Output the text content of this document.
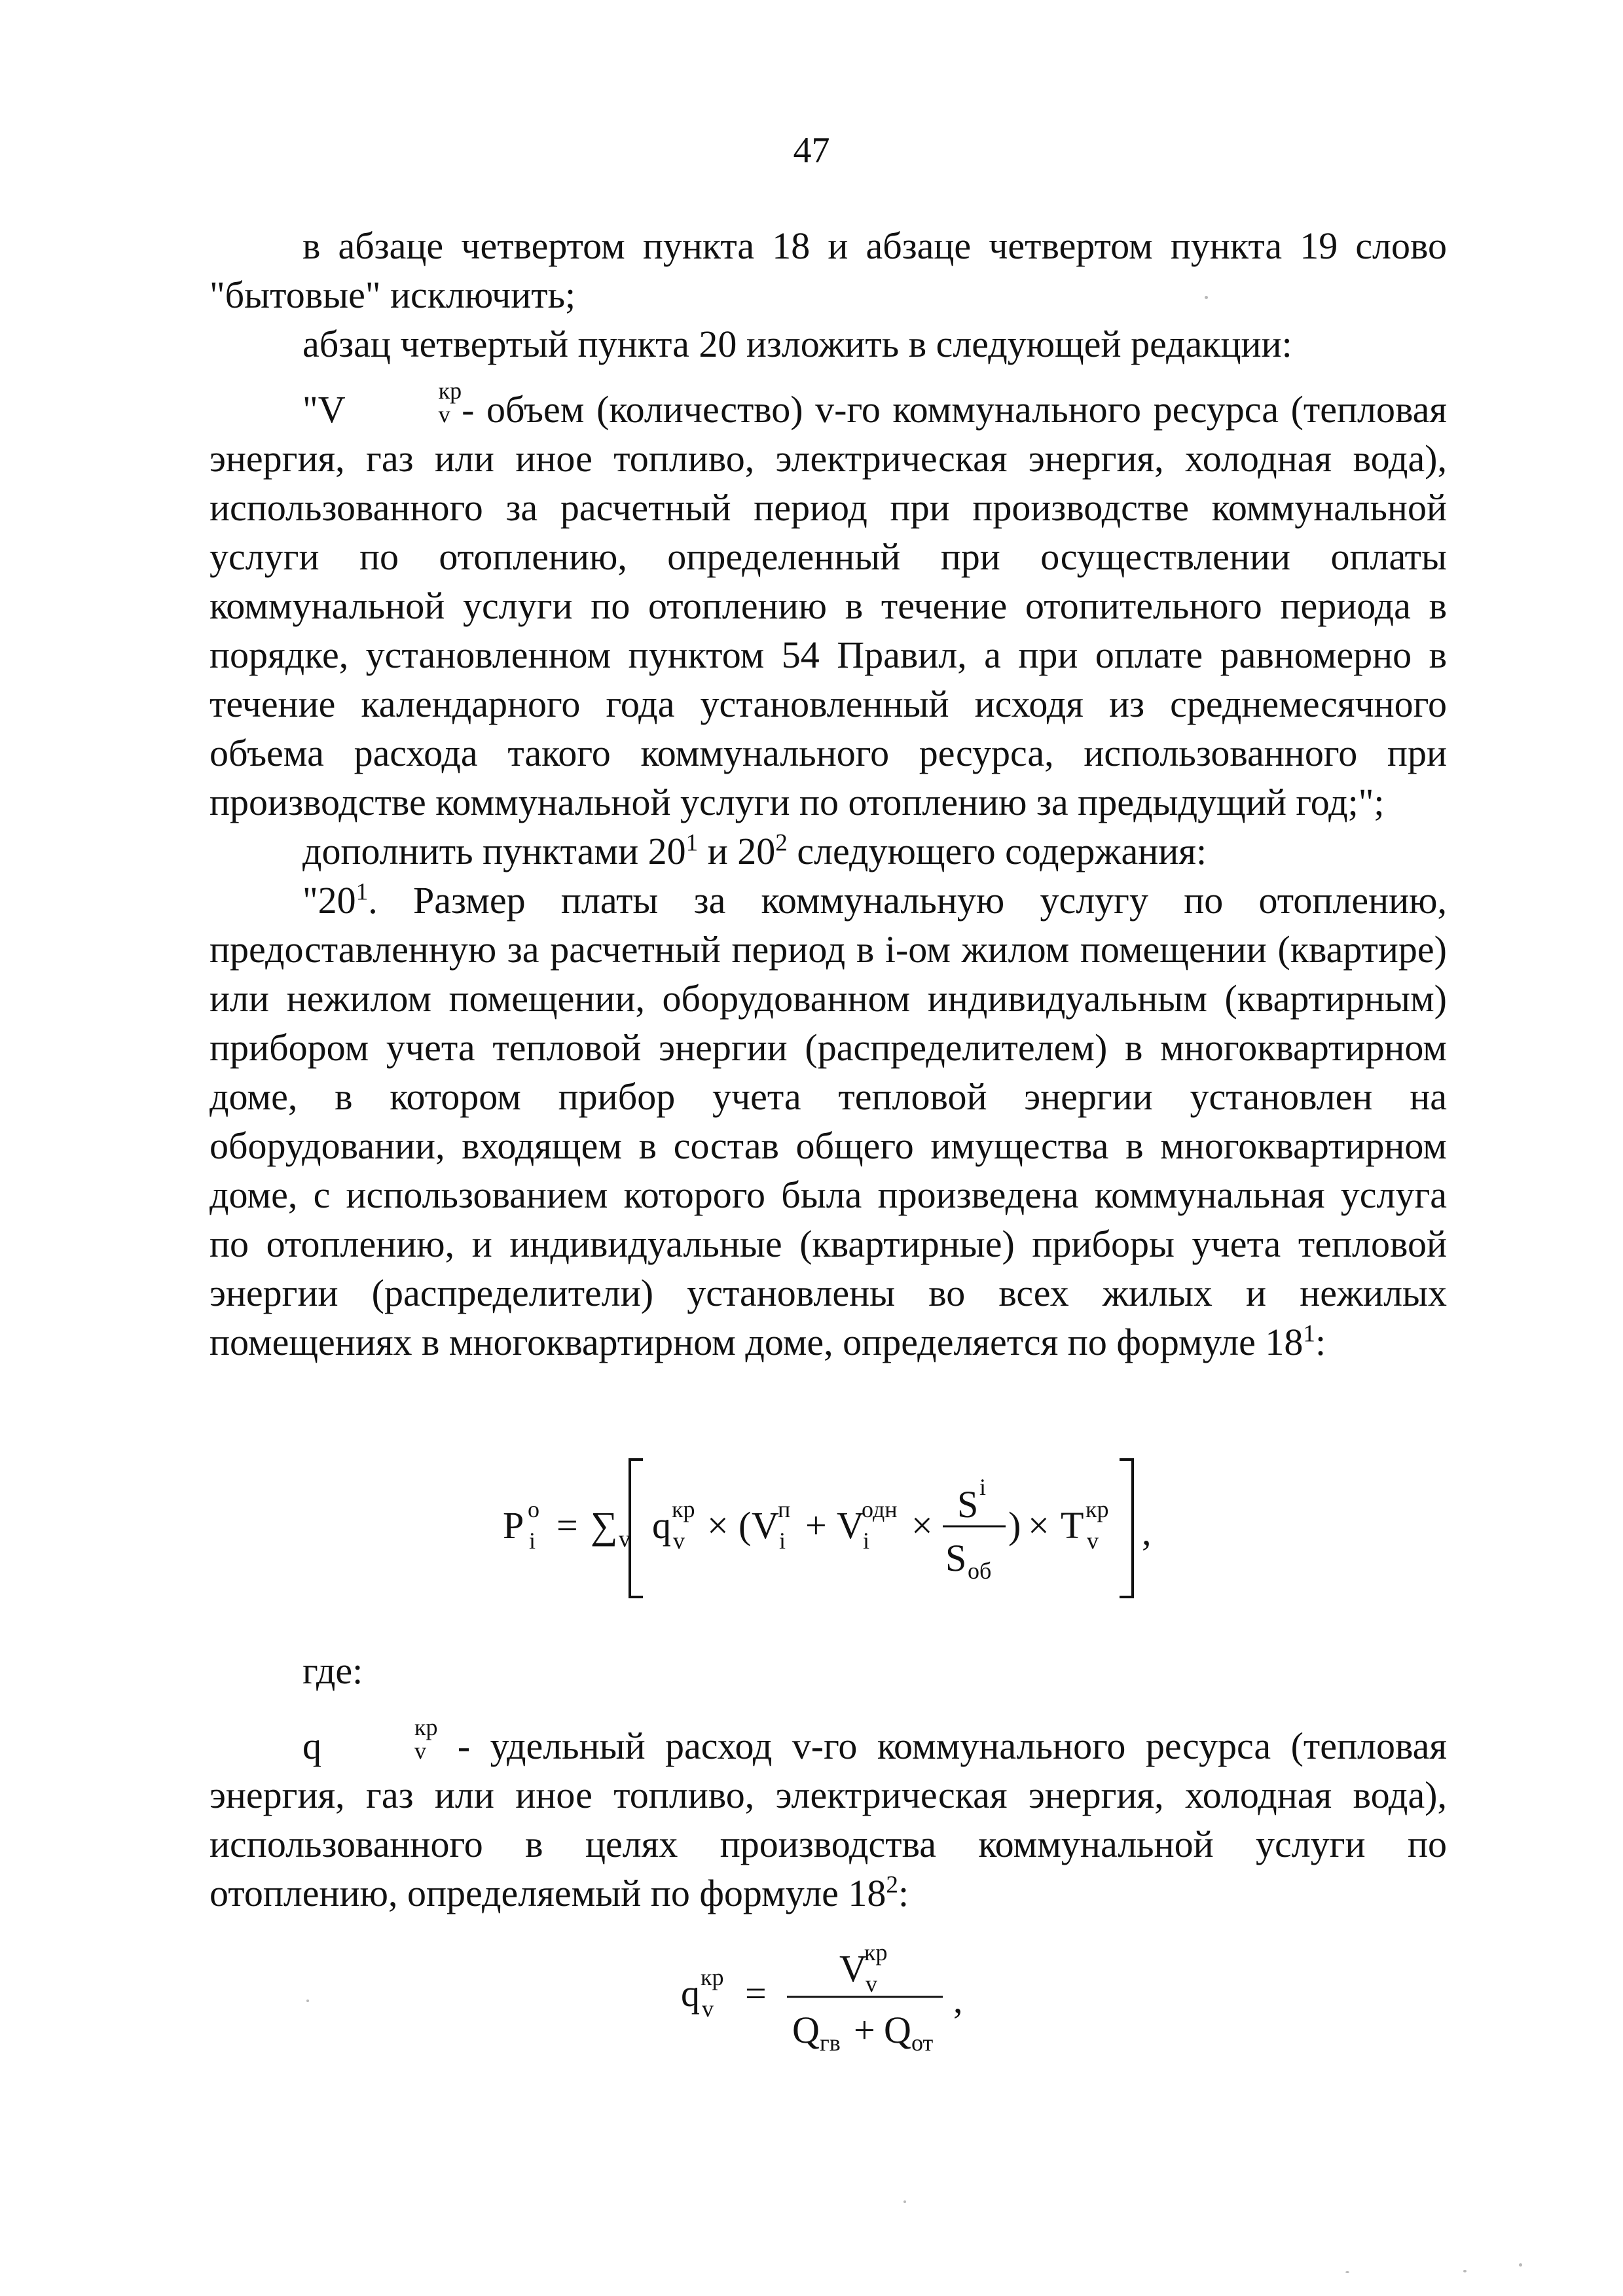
47

в абзаце четвертом пункта 18 и абзаце четвертом пункта 19 слово "бытовые" исключить;

абзац четвертый пункта 20 изложить в следующей редакции:

"V	кр
v - объем (количество) v-го коммунального ресурса (тепловая энергия, газ или иное топливо, электрическая энергия, холодная вода), использованного за расчетный период при производстве коммунальной услуги по отоплению, определенный при осуществлении оплаты коммунальной услуги по отоплению в течение отопительного периода в порядке, установленном пунктом 54 Правил, а при оплате равномерно в течение календарного года установленный исходя из среднемесячного объема расхода такого коммунального ресурса, использованного при производстве коммунальной услуги по отоплению за предыдущий год;";

дополнить пунктами $20^1$ и $20^2$ следующего содержания:

"$20^1$. Размер платы за коммунальную услугу по отоплению, предоставленную за расчетный период в i-ом жилом помещении (квартире) или нежилом помещении, оборудованном индивидуальным (квартирным) прибором учета тепловой энергии (распределителем) в многоквартирном доме, в котором прибор учета тепловой энергии установлен на оборудовании, входящем в состав общего имущества в многоквартирном доме, с использованием которого была произведена коммунальная услуга по отоплению, и индивидуальные (квартирные) приборы учета тепловой энергии (распределители) установлены во всех жилых и нежилых помещениях в многоквартирном доме, определяется по формуле $18^1$:

P о
i = ∑ v q кр
v × ( V
п
i + V
одн
i × S i
S об
) × T кр
v ,

где:

q	кр
v - удельный расход v-го коммунального ресурса (тепловая энергия, газ или иное топливо, электрическая энергия, холодная вода), использованного в целях производства коммунальной услуги по отоплению, определяемый по формуле $18^2$:

q кр
v =
V
кр
v
Q гв + Q от
,
